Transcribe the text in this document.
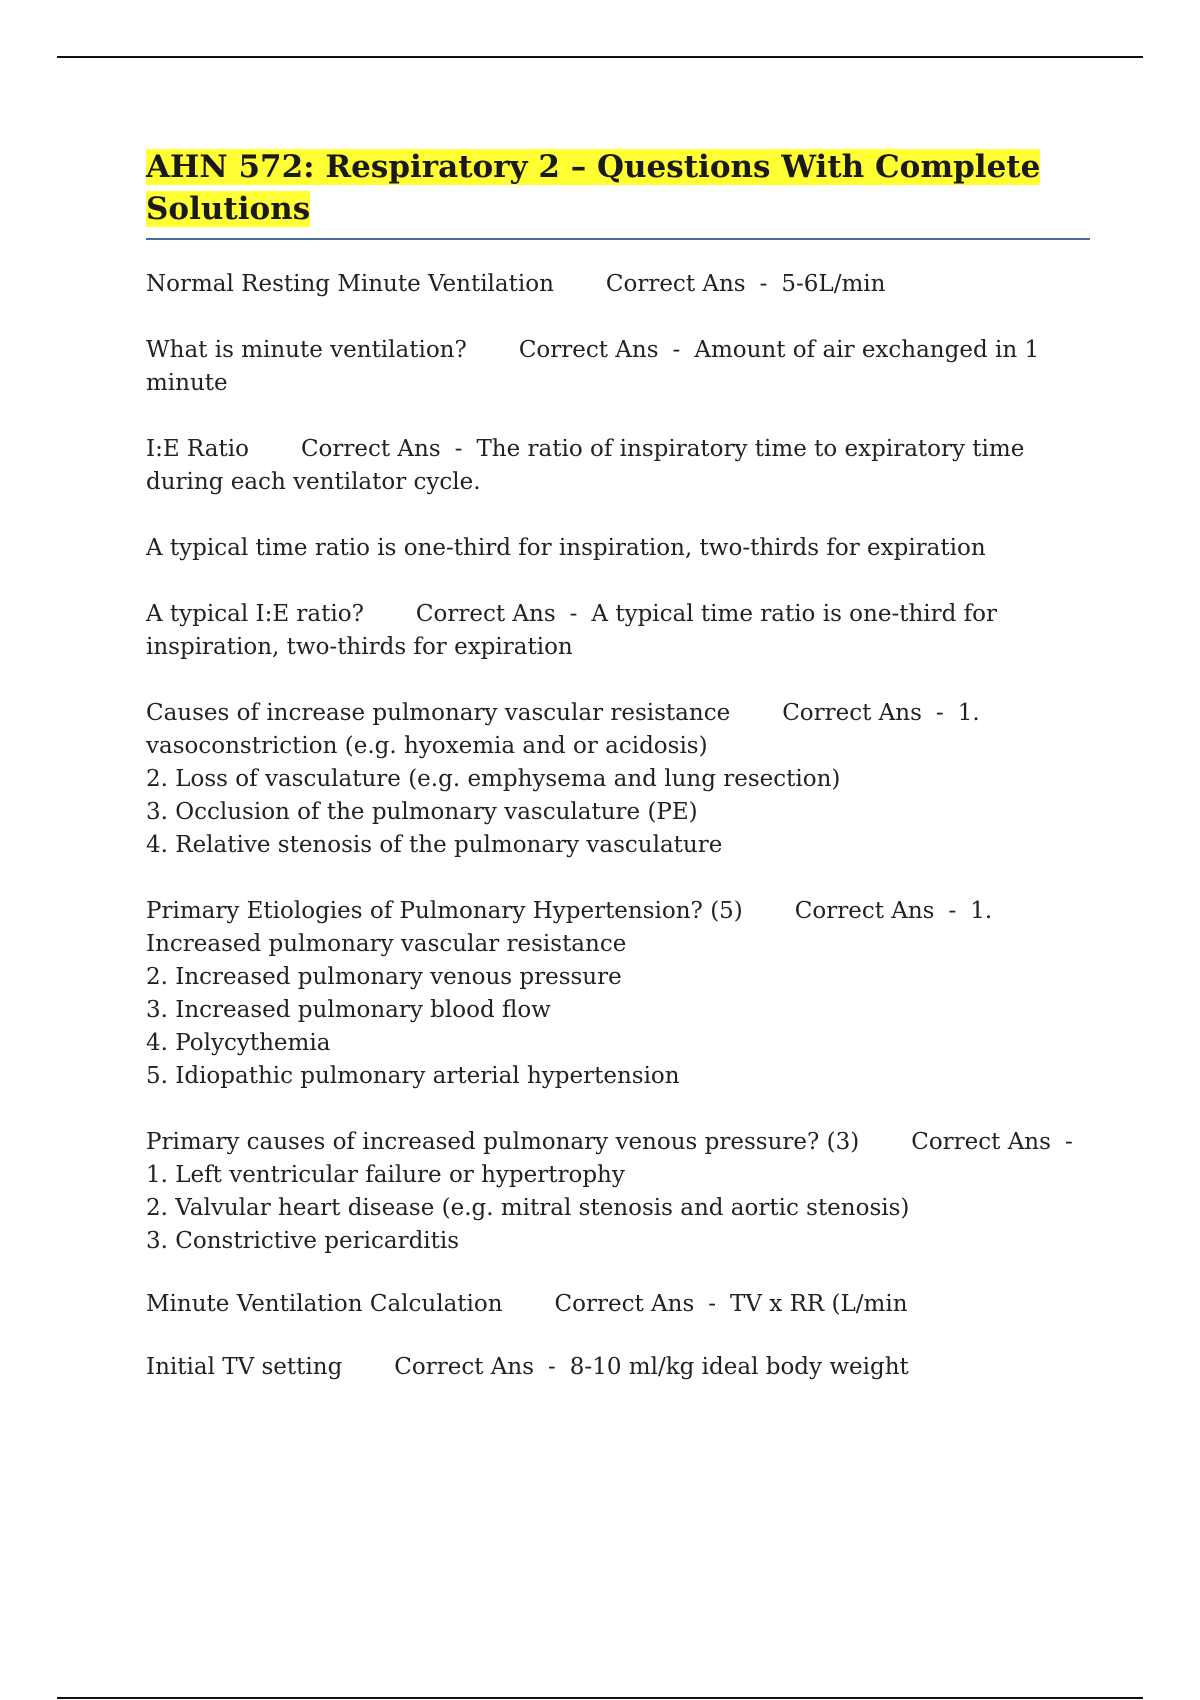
AHN 572: Respiratory 2 – Questions With Complete
Solutions

Normal Resting Minute Ventilation Correct Ans - 5-6L/min

What is minute ventilation? Correct Ans - Amount of air exchanged in 1 minute

I:E Ratio Correct Ans - The ratio of inspiratory time to expiratory time during each ventilator cycle.

A typical time ratio is one-third for inspiration, two-thirds for expiration

A typical I:E ratio? Correct Ans - A typical time ratio is one-third for inspiration, two-thirds for expiration

Causes of increase pulmonary vascular resistance Correct Ans - 1. vasoconstriction (e.g. hyoxemia and or acidosis)

2. Loss of vasculature (e.g. emphysema and lung resection)

3. Occlusion of the pulmonary vasculature (PE)

4. Relative stenosis of the pulmonary vasculature

Primary Etiologies of Pulmonary Hypertension? (5) Correct Ans - 1. Increased pulmonary vascular resistance

2. Increased pulmonary venous pressure

3. Increased pulmonary blood flow

4. Polycythemia

5. Idiopathic pulmonary arterial hypertension

Primary causes of increased pulmonary venous pressure? (3) Correct Ans -1. Left ventricular failure or hypertrophy

2. Valvular heart disease (e.g. mitral stenosis and aortic stenosis)

3. Constrictive pericarditis

Minute Ventilation Calculation Correct Ans - TV x RR (L/min

Initial TV setting Correct Ans - 8-10 ml/kg ideal body weight
